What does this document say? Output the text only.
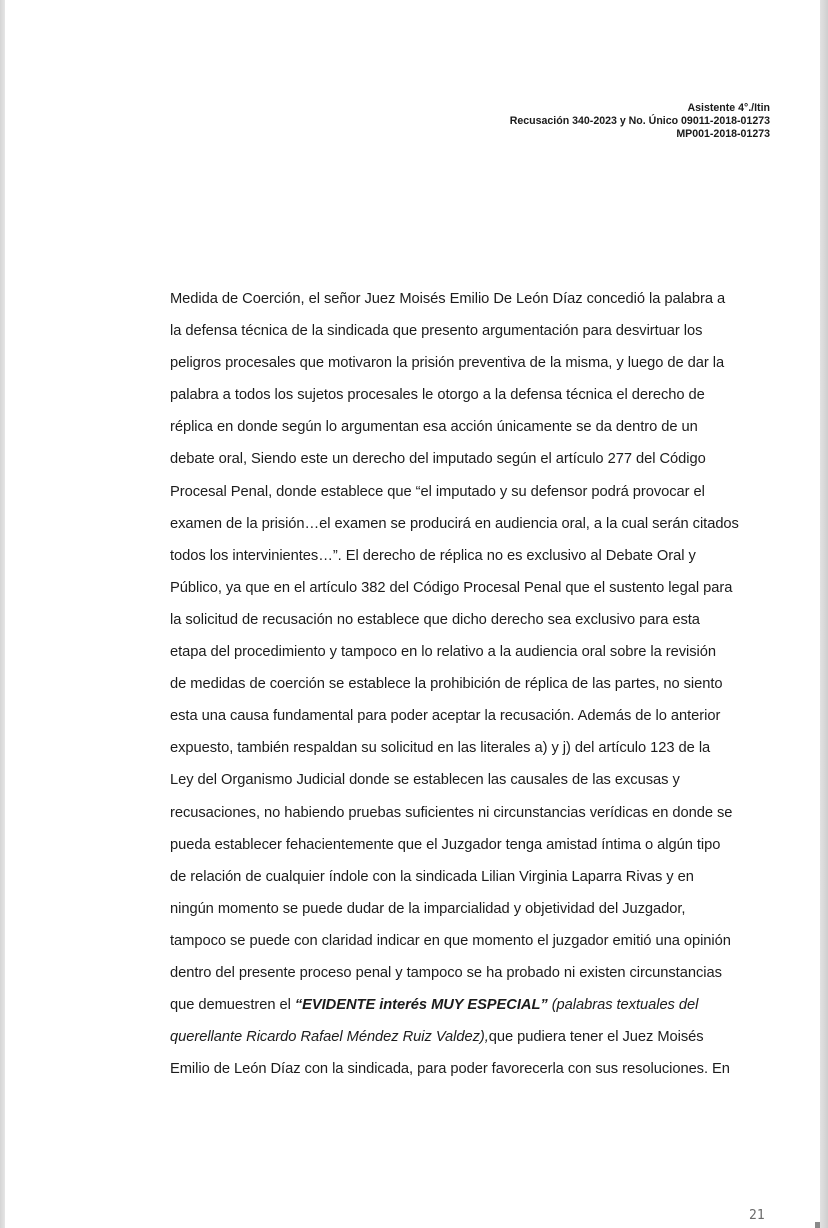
Asistente 4°./Itin
Recusación 340-2023 y No. Único 09011-2018-01273
MP001-2018-01273
Medida de Coerción, el señor Juez Moisés Emilio De León Díaz concedió la palabra a
la defensa técnica de la sindicada que presento argumentación para desvirtuar los
peligros procesales que motivaron la prisión preventiva de la misma, y luego de dar la
palabra a todos los sujetos procesales le otorgo a la defensa técnica el derecho de
réplica en donde según lo argumentan esa acción únicamente se da dentro de un
debate oral, Siendo este un derecho del imputado según el artículo 277 del Código
Procesal Penal, donde establece que “el imputado y su defensor podrá provocar el
examen de la prisión…el examen se producirá en audiencia oral, a la cual serán citados
todos los intervinientes…”. El derecho de réplica no es exclusivo al Debate Oral y
Público, ya que en el artículo 382 del Código Procesal Penal que el sustento legal para
la solicitud de recusación no establece que dicho derecho sea exclusivo para esta
etapa del procedimiento y tampoco en lo relativo a la audiencia oral sobre la revisión
de medidas de coerción se establece la prohibición de réplica de las partes, no siento
esta una causa fundamental para poder aceptar la recusación. Además de lo anterior
expuesto, también respaldan su solicitud en las literales a) y j) del artículo 123 de la
Ley del Organismo Judicial donde se establecen las causales de las excusas y
recusaciones, no habiendo pruebas suficientes ni circunstancias verídicas en donde se
pueda establecer fehacientemente que el Juzgador tenga amistad íntima o algún tipo
de relación de cualquier índole con la sindicada Lilian Virginia Laparra Rivas y en
ningún momento se puede dudar de la imparcialidad y objetividad del Juzgador,
tampoco se puede con claridad indicar en que momento el juzgador emitió una opinión
dentro del presente proceso penal y tampoco se ha probado ni existen circunstancias
que demuestren el “EVIDENTE interés MUY ESPECIAL” (palabras textuales del
querellante Ricardo Rafael Méndez Ruiz Valdez),que pudiera tener el Juez Moisés
Emilio de León Díaz con la sindicada, para poder favorecerla con sus resoluciones. En
21
